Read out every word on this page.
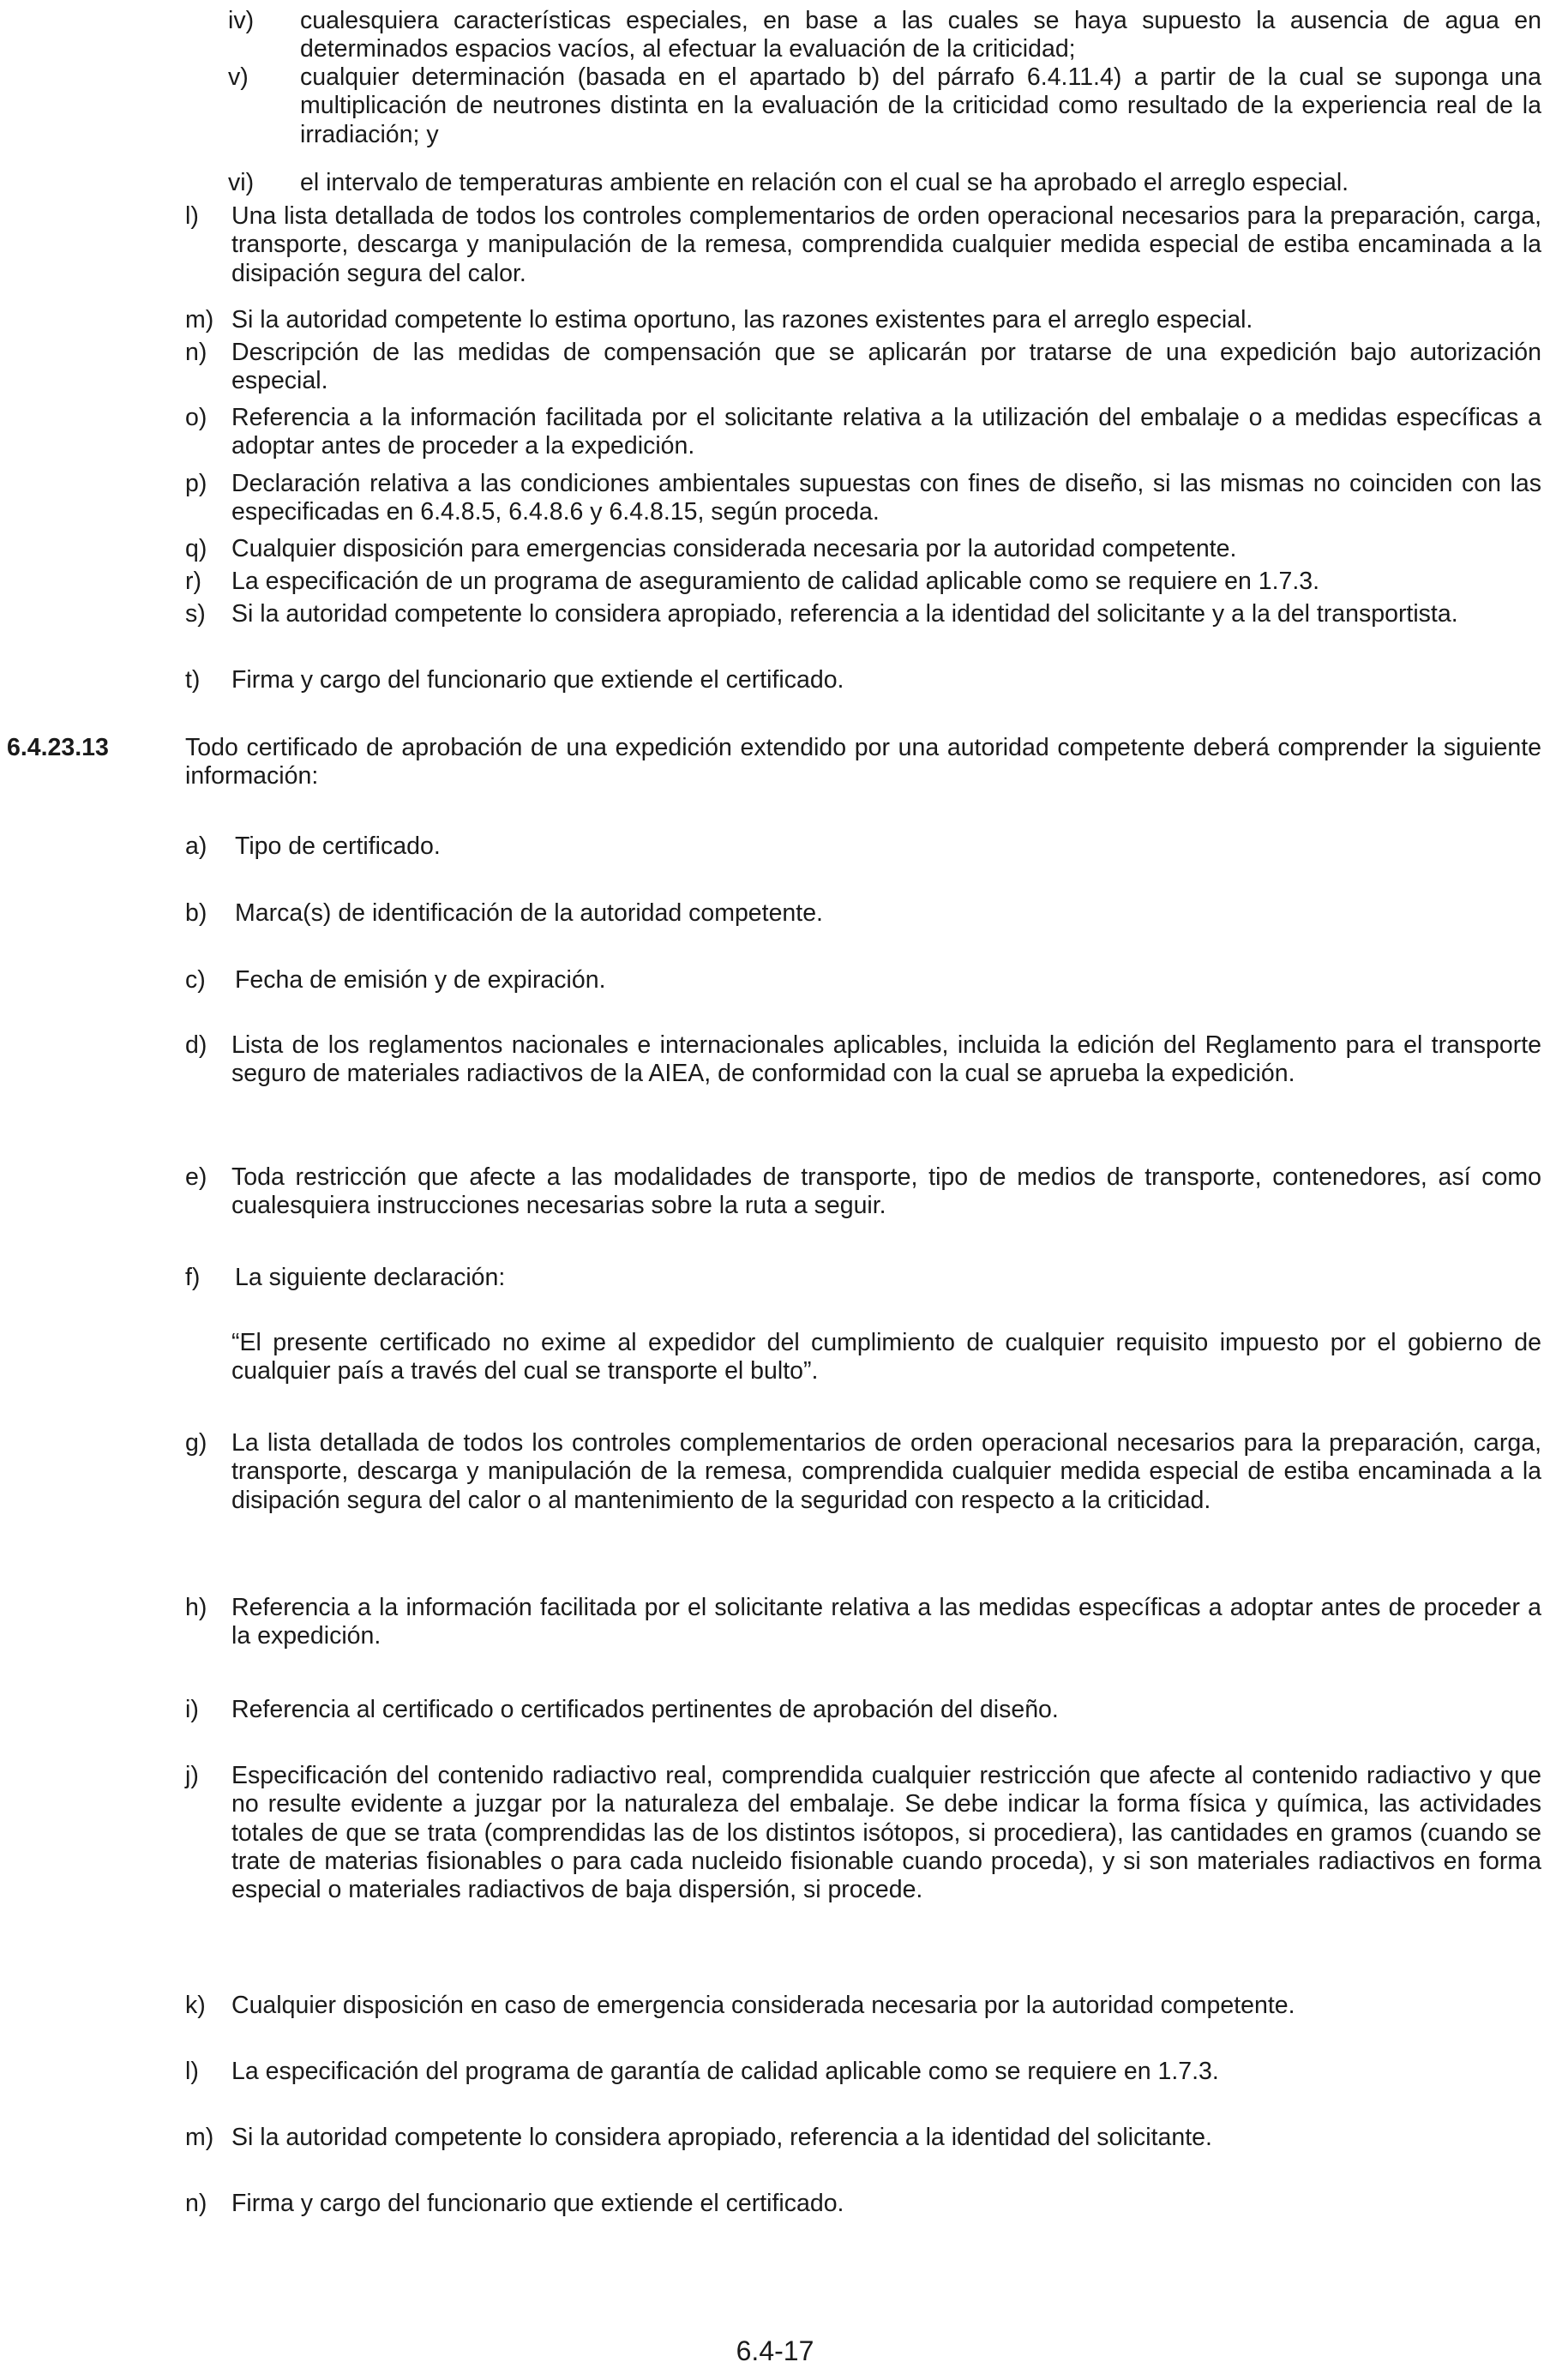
iv) cualesquiera características especiales, en base a las cuales se haya supuesto la ausencia de agua en determinados espacios vacíos, al efectuar la evaluación de la criticidad;
v) cualquier determinación (basada en el apartado b) del párrafo 6.4.11.4) a partir de la cual se suponga una multiplicación de neutrones distinta en la evaluación de la criticidad como resultado de la experiencia real de la irradiación; y
vi) el intervalo de temperaturas ambiente en relación con el cual se ha aprobado el arreglo especial.
l) Una lista detallada de todos los controles complementarios de orden operacional necesarios para la preparación, carga, transporte, descarga y manipulación de la remesa, comprendida cualquier medida especial de estiba encaminada a la disipación segura del calor.
m) Si la autoridad competente lo estima oportuno, las razones existentes para el arreglo especial.
n) Descripción de las medidas de compensación que se aplicarán por tratarse de una expedición bajo autorización especial.
o) Referencia a la información facilitada por el solicitante relativa a la utilización del embalaje o a medidas específicas a adoptar antes de proceder a la expedición.
p) Declaración relativa a las condiciones ambientales supuestas con fines de diseño, si las mismas no coinciden con las especificadas en 6.4.8.5, 6.4.8.6 y 6.4.8.15, según proceda.
q) Cualquier disposición para emergencias considerada necesaria por la autoridad competente.
r) La especificación de un programa de aseguramiento de calidad aplicable como se requiere en 1.7.3.
s) Si la autoridad competente lo considera apropiado, referencia a la identidad del solicitante y a la del transportista.
t) Firma y cargo del funcionario que extiende el certificado.
6.4.23.13	Todo certificado de aprobación de una expedición extendido por una autoridad competente deberá comprender la siguiente información:
a) Tipo de certificado.
b) Marca(s) de identificación de la autoridad competente.
c) Fecha de emisión y de expiración.
d) Lista de los reglamentos nacionales e internacionales aplicables, incluida la edición del Reglamento para el transporte seguro de materiales radiactivos de la AIEA, de conformidad con la cual se aprueba la expedición.
e) Toda restricción que afecte a las modalidades de transporte, tipo de medios de transporte, contenedores, así como cualesquiera instrucciones necesarias sobre la ruta a seguir.
f) La siguiente declaración:
“El presente certificado no exime al expedidor del cumplimiento de cualquier requisito impuesto por el gobierno de cualquier país a través del cual se transporte el bulto”.
g) La lista detallada de todos los controles complementarios de orden operacional necesarios para la preparación, carga, transporte, descarga y manipulación de la remesa, comprendida cualquier medida especial de estiba encaminada a la disipación segura del calor o al mantenimiento de la seguridad con respecto a la criticidad.
h) Referencia a la información facilitada por el solicitante relativa a las medidas específicas a adoptar antes de proceder a la expedición.
i) Referencia al certificado o certificados pertinentes de aprobación del diseño.
j) Especificación del contenido radiactivo real, comprendida cualquier restricción que afecte al contenido radiactivo y que no resulte evidente a juzgar por la naturaleza del embalaje. Se debe indicar la forma física y química, las actividades totales de que se trata (comprendidas las de los distintos isótopos, si procediera), las cantidades en gramos (cuando se trate de materias fisionables o para cada nucleido fisionable cuando proceda), y si son materiales radiactivos en forma especial o materiales radiactivos de baja dispersión, si procede.
k) Cualquier disposición en caso de emergencia considerada necesaria por la autoridad competente.
l) La especificación del programa de garantía de calidad aplicable como se requiere en 1.7.3.
m) Si la autoridad competente lo considera apropiado, referencia a la identidad del solicitante.
n) Firma y cargo del funcionario que extiende el certificado.
6.4-17
